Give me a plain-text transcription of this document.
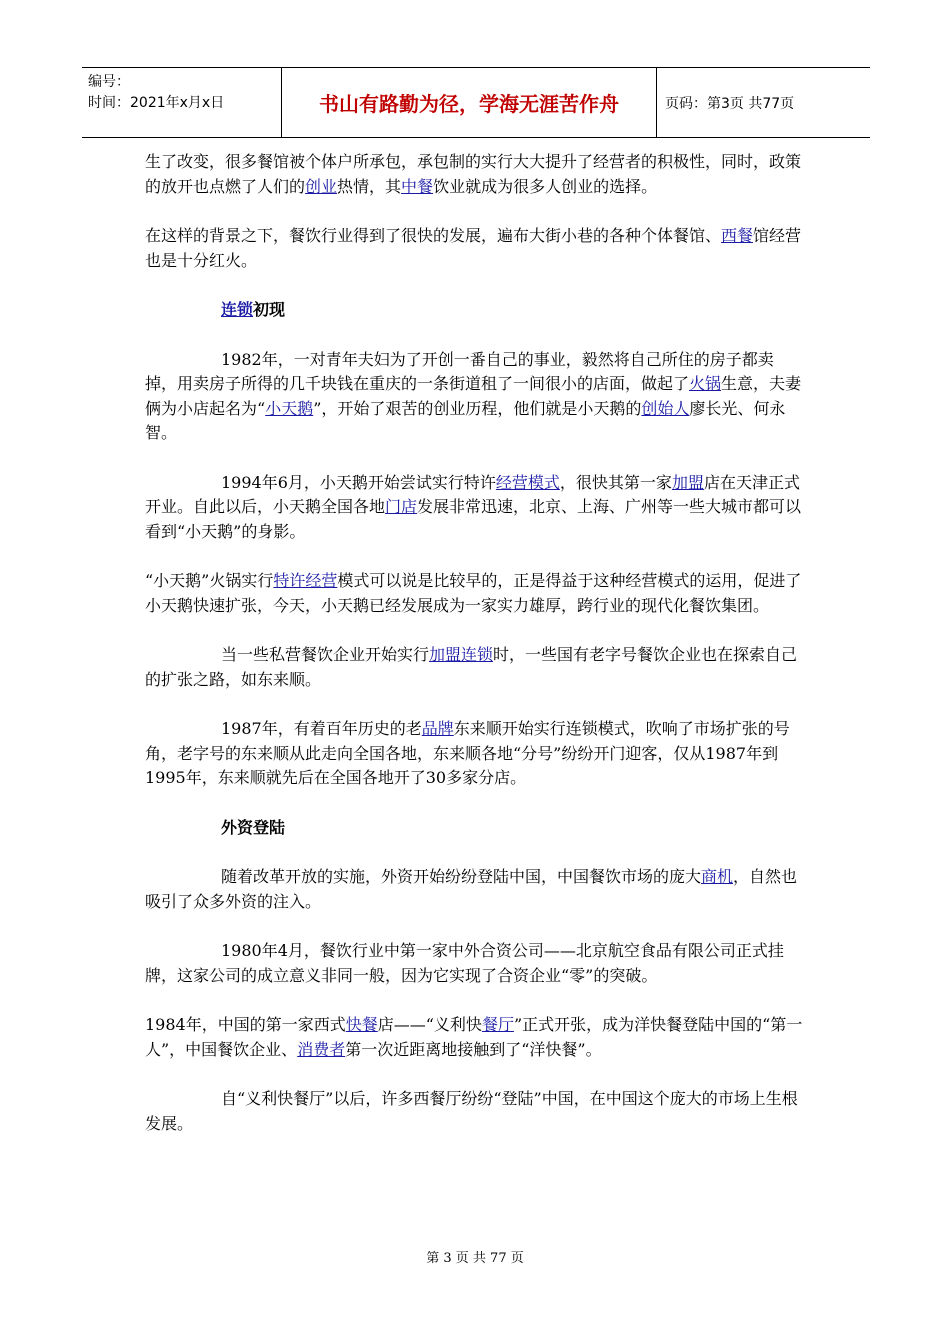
编号：
时间：2021年x月x日	书山有路勤为径，学海无涯苦作舟	页码：第3页 共77页

生了改变，很多餐馆被个体户所承包，承包制的实行大大提升了经营者的积极性，同时，政策的放开也点燃了人们的创业热情，其中餐饮业就成为很多人创业的选择。

在这样的背景之下，餐饮行业得到了很快的发展，遍布大街小巷的各种个体餐馆、西餐馆经营也是十分红火。

连锁初现

1982年，一对青年夫妇为了开创一番自己的事业，毅然将自己所住的房子都卖掉，用卖房子所得的几千块钱在重庆的一条街道租了一间很小的店面，做起了火锅生意，夫妻俩为小店起名为“小天鹅”，开始了艰苦的创业历程，他们就是小天鹅的创始人廖长光、何永智。

1994年6月，小天鹅开始尝试实行特许经营模式，很快其第一家加盟店在天津正式开业。自此以后，小天鹅全国各地门店发展非常迅速，北京、上海、广州等一些大城市都可以看到“小天鹅”的身影。

“小天鹅”火锅实行特许经营模式可以说是比较早的，正是得益于这种经营模式的运用，促进了小天鹅快速扩张，今天，小天鹅已经发展成为一家实力雄厚，跨行业的现代化餐饮集团。

当一些私营餐饮企业开始实行加盟连锁时，一些国有老字号餐饮企业也在探索自己的扩张之路，如东来顺。

1987年，有着百年历史的老品牌东来顺开始实行连锁模式，吹响了市场扩张的号角，老字号的东来顺从此走向全国各地，东来顺各地“分号”纷纷开门迎客，仅从1987年到1995年，东来顺就先后在全国各地开了30多家分店。

外资登陆

随着改革开放的实施，外资开始纷纷登陆中国，中国餐饮市场的庞大商机，自然也吸引了众多外资的注入。

1980年4月，餐饮行业中第一家中外合资公司——北京航空食品有限公司正式挂牌，这家公司的成立意义非同一般，因为它实现了合资企业“零”的突破。

1984年，中国的第一家西式快餐店——“义利快餐厅”正式开张，成为洋快餐登陆中国的“第一人”，中国餐饮企业、消费者第一次近距离地接触到了“洋快餐”。

自“义利快餐厅”以后，许多西餐厅纷纷“登陆”中国，在中国这个庞大的市场上生根发展。

第 3 页 共 77 页
